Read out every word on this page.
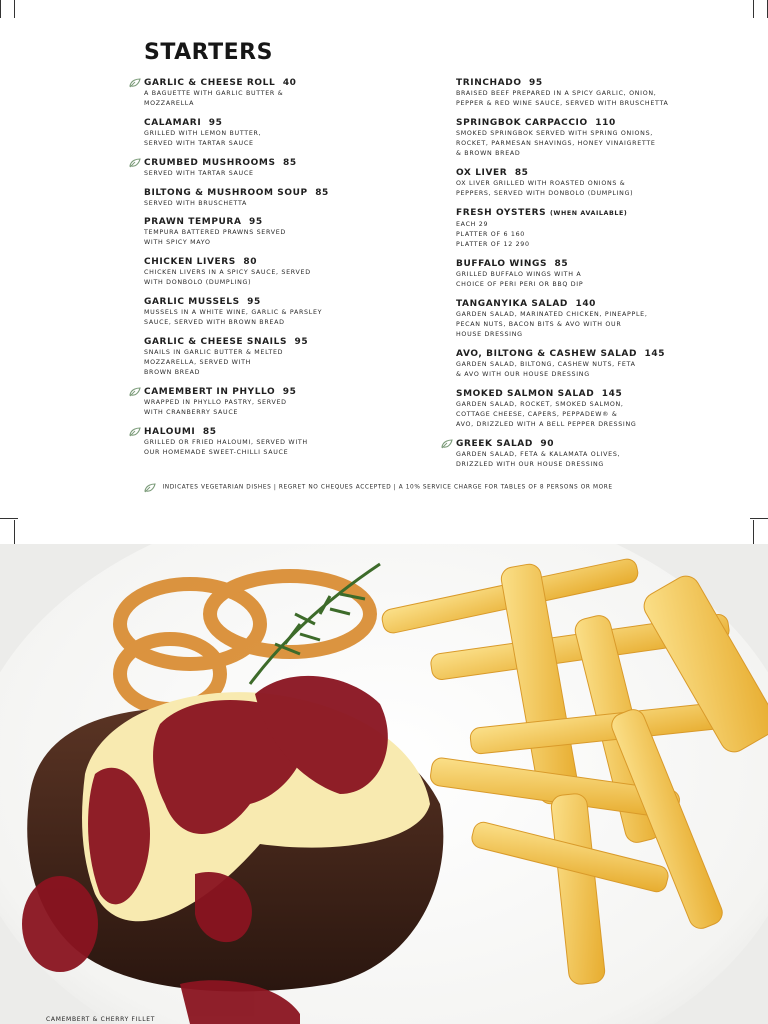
STARTERS
GARLIC & CHEESE ROLL 40
A BAGUETTE WITH GARLIC BUTTER &
MOZZARELLA
CALAMARI 95
GRILLED WITH LEMON BUTTER,
SERVED WITH TARTAR SAUCE
CRUMBED MUSHROOMS 85
SERVED WITH TARTAR SAUCE
BILTONG & MUSHROOM SOUP 85
SERVED WITH BRUSCHETTA
PRAWN TEMPURA 95
TEMPURA BATTERED PRAWNS SERVED
WITH SPICY MAYO
CHICKEN LIVERS 80
CHICKEN LIVERS IN A SPICY SAUCE, SERVED
WITH DONBOLO (DUMPLING)
GARLIC MUSSELS 95
MUSSELS IN A WHITE WINE, GARLIC & PARSLEY
SAUCE, SERVED WITH BROWN BREAD
GARLIC & CHEESE SNAILS 95
SNAILS IN GARLIC BUTTER & MELTED
MOZZARELLA, SERVED WITH
BROWN BREAD
CAMEMBERT IN PHYLLO 95
WRAPPED IN PHYLLO PASTRY, SERVED
WITH CRANBERRY SAUCE
HALOUMI 85
GRILLED OR FRIED HALOUMI, SERVED WITH
OUR HOMEMADE SWEET-CHILLI SAUCE
TRINCHADO 95
BRAISED BEEF PREPARED IN A SPICY GARLIC, ONION,
PEPPER & RED WINE SAUCE, SERVED WITH BRUSCHETTA
SPRINGBOK CARPACCIO 110
SMOKED SPRINGBOK SERVED WITH SPRING ONIONS,
ROCKET, PARMESAN SHAVINGS, HONEY VINAIGRETTE
& BROWN BREAD
OX LIVER 85
OX LIVER GRILLED WITH ROASTED ONIONS &
PEPPERS, SERVED WITH DONBOLO (DUMPLING)
FRESH OYSTERS (WHEN AVAILABLE)
EACH 29
PLATTER OF 6 160
PLATTER OF 12 290
BUFFALO WINGS 85
GRILLED BUFFALO WINGS WITH A
CHOICE OF PERI PERI OR BBQ DIP
TANGANYIKA SALAD 140
GARDEN SALAD, MARINATED CHICKEN, PINEAPPLE,
PECAN NUTS, BACON BITS & AVO WITH OUR
HOUSE DRESSING
AVO, BILTONG & CASHEW SALAD 145
GARDEN SALAD, BILTONG, CASHEW NUTS, FETA
& AVO WITH OUR HOUSE DRESSING
SMOKED SALMON SALAD 145
GARDEN SALAD, ROCKET, SMOKED SALMON,
COTTAGE CHEESE, CAPERS, PEPPADEW® &
AVO, DRIZZLED WITH A BELL PEPPER DRESSING
GREEK SALAD 90
GARDEN SALAD, FETA & KALAMATA OLIVES,
DRIZZLED WITH OUR HOUSE DRESSING
INDICATES VEGETARIAN DISHES | REGRET NO CHEQUES ACCEPTED | A 10% SERVICE CHARGE FOR TABLES OF 8 PERSONS OR MORE
CAMEMBERT & CHERRY FILLET
